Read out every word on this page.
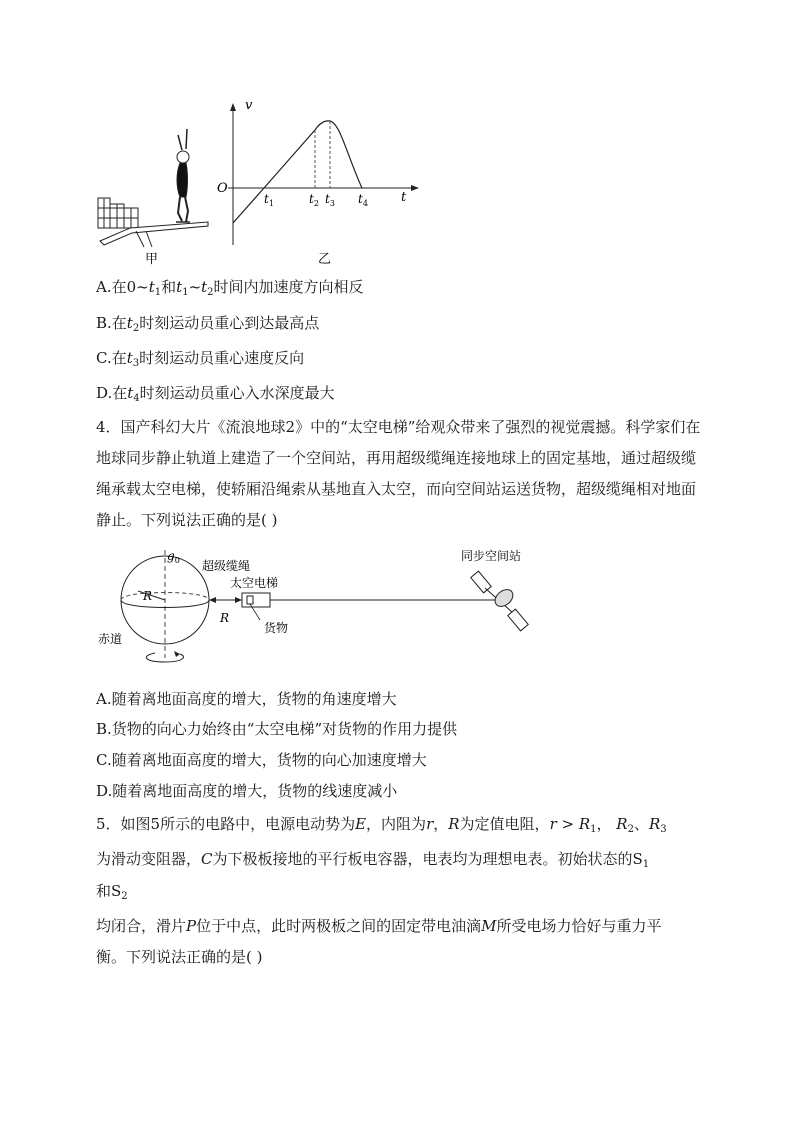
v
t
O
$t_1$	$t_2$ $t_3$ $t_4$
甲	乙
A.在$0\sim t_1$和$t_1\sim t_2$时间内加速度方向相反
B.在$t_2$时刻运动员重心到达最高点
C.在$t_3$时刻运动员重心速度反向
D.在$t_4$时刻运动员重心入水深度最大
4．国产科幻大片《流浪地球2》中的“太空电梯”给观众带来了强烈的视觉震撼。科学家们在地球同步静止轨道上建造了一个空间站，再用超级缆绳连接地球上的固定基地，通过超级缆绳承载太空电梯，使轿厢沿绳索从基地直入太空，而向空间站运送货物，超级缆绳相对地面静止。下列说法正确的是( )
$g_0$ 超级缆绳
太空电梯
同步空间站
R
R
货物
赤道
A.随着离地面高度的增大，货物的角速度增大
B.货物的向心力始终由“太空电梯”对货物的作用力提供
C.随着离地面高度的增大，货物的向心加速度增大
D.随着离地面高度的增大，货物的线速度减小
5．如图5所示的电路中，电源电动势为E，内阻为r，R为定值电阻，$r > R_1$， $R_2$、$R_3$
为滑动变阻器，C为下极板接地的平行板电容器，电表均为理想电表。初始状态的$S_1$
和$S_2$
均闭合，滑片P位于中点，此时两极板之间的固定带电油滴M所受电场力恰好与重力平
衡。下列说法正确的是( )
